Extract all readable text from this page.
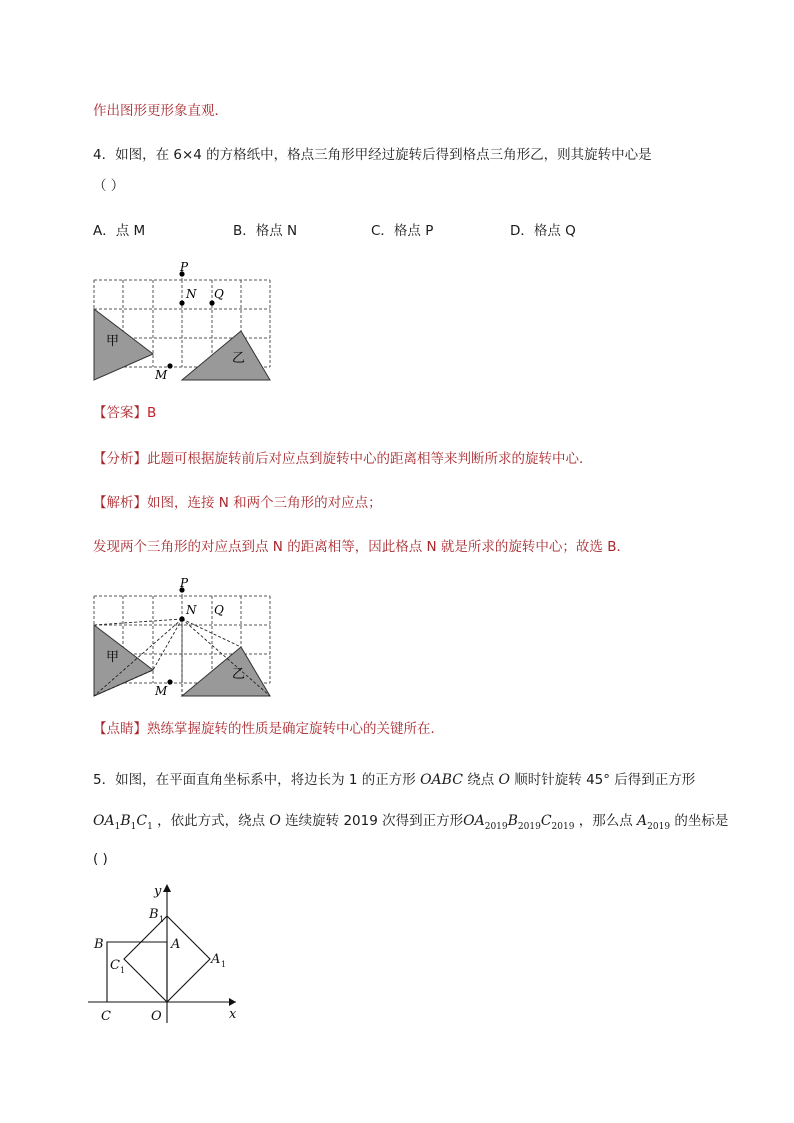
作出图形更形象直观．
4．如图，在 6×4 的方格纸中，格点三角形甲经过旋转后得到格点三角形乙，则其旋转中心是
（ ）
A．点 M	B．格点 N	C．格点 P	D．格点 Q
P
N Q
M
甲
乙
【答案】B
【分析】此题可根据旋转前后对应点到旋转中心的距离相等来判断所求的旋转中心．
【解析】如图，连接 N 和两个三角形的对应点；
发现两个三角形的对应点到点 N 的距离相等，因此格点 N 就是所求的旋转中心；故选 B．
P
N Q
M
甲
乙
【点睛】熟练掌握旋转的性质是确定旋转中心的关键所在．
5．如图，在平面直角坐标系中，将边长为 1 的正方形 OABC 绕点 O 顺时针旋转 45° 后得到正方形
$OA_1B_1C_1$ ，依此方式，绕点 O 连续旋转 2019 次得到正方形$OA_{2019}B_{2019}C_{2019}$ ，那么点 $A_{2019}$ 的坐标是
( )
y
x
B 1
A
B
C 1
A 1
C	O
